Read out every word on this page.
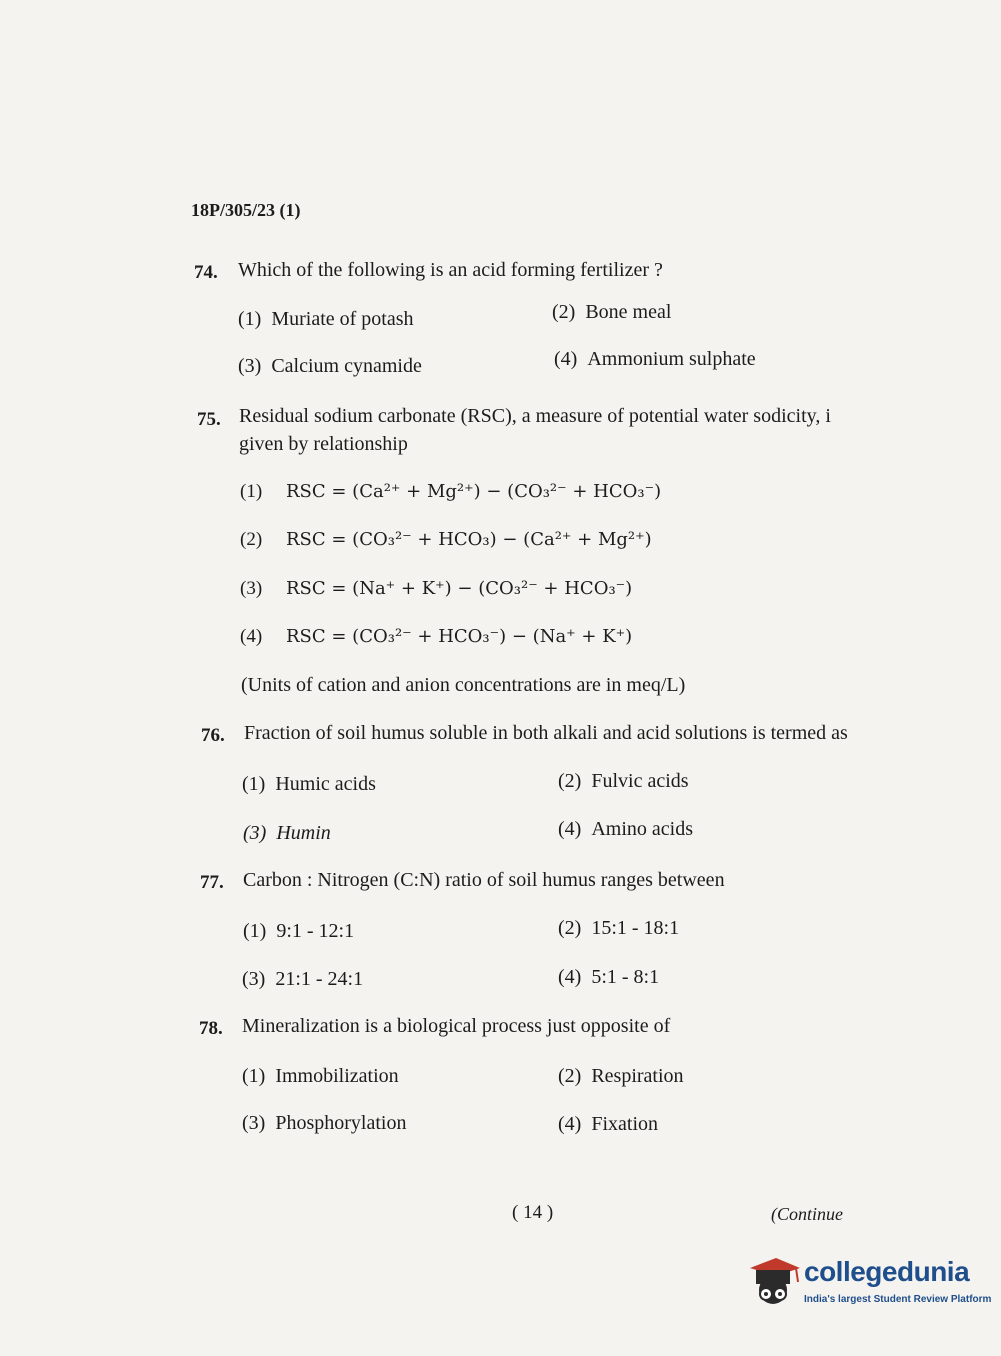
18P/305/23 (1)
74. Which of the following is an acid forming fertilizer ?
(1) Muriate of potash	(2) Bone meal
(3) Calcium cynamide	(4) Ammonium sulphate
75. Residual sodium carbonate (RSC), a measure of potential water sodicity, i
given by relationship
(1) RSC = (Ca²⁺ + Mg²⁺) − (CO₃²⁻ + HCO₃⁻)
(2) RSC = (CO₃²⁻ + HCO₃) − (Ca²⁺ + Mg²⁺)
(3) RSC = (Na⁺ + K⁺) − (CO₃²⁻ + HCO₃⁻)
(4) RSC = (CO₃²⁻ + HCO₃⁻) − (Na⁺ + K⁺)
(Units of cation and anion concentrations are in meq/L)
76. Fraction of soil humus soluble in both alkali and acid solutions is termed as
(1) Humic acids	(2) Fulvic acids
(3) Humin	(4) Amino acids
77. Carbon : Nitrogen (C:N) ratio of soil humus ranges between
(1) 9:1 - 12:1	(2) 15:1 - 18:1
(3) 21:1 - 24:1	(4) 5:1 - 8:1
78. Mineralization is a biological process just opposite of
(1) Immobilization	(2) Respiration
(3) Phosphorylation	(4) Fixation
( 14 )	(Continue
collegedunia
India's largest Student Review Platform
